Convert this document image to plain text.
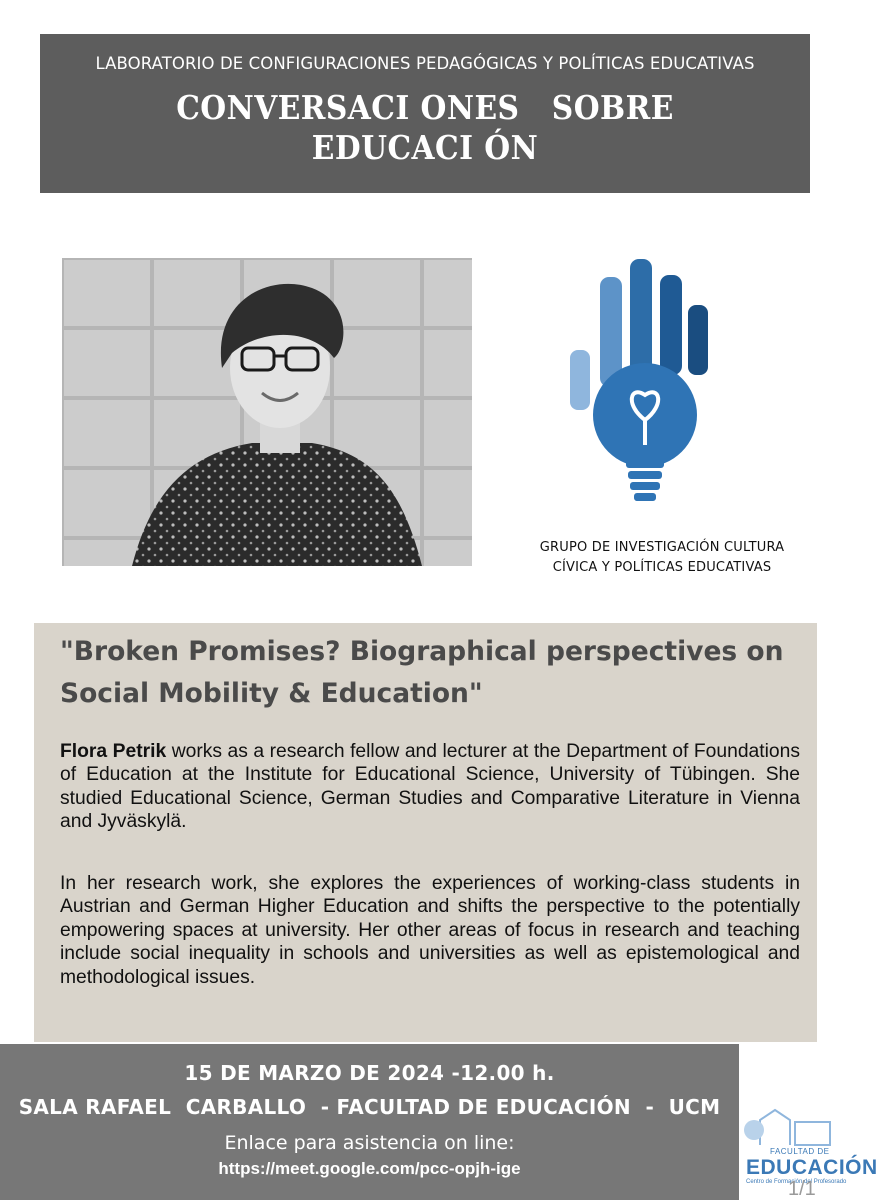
LABORATORIO DE CONFIGURACIONES PEDAGÓGICAS Y POLÍTICAS EDUCATIVAS
CONVERSACI ONES   SOBRE
EDUCACI ÓN
GRUPO DE INVESTIGACIÓN CULTURA
CÍVICA Y POLÍTICAS EDUCATIVAS
"Broken Promises? Biographical perspectives on Social Mobility & Education"
Flora Petrik works as a research fellow and lecturer at the Department of Foundations of Education at the Institute for Educational Science, University of Tübingen. She studied Educational Science, German Studies and Comparative Literature in Vienna and Jyväskylä.
In her research work, she explores the experiences of working-class students in Austrian and German Higher Education and shifts the perspective to the potentially empowering spaces at university. Her other areas of focus in research and teaching include social inequality in schools and universities as well as epistemological and methodological issues.
15 DE MARZO DE 2024 -12.00 h.
SALA RAFAEL  CARBALLO  - FACULTAD DE EDUCACIÓN  -  UCM
Enlace para asistencia on line:
https://meet.google.com/pcc-opjh-ige
FACULTAD DE
EDUCACIÓN
Centro de Formación del Profesorado
1/1
